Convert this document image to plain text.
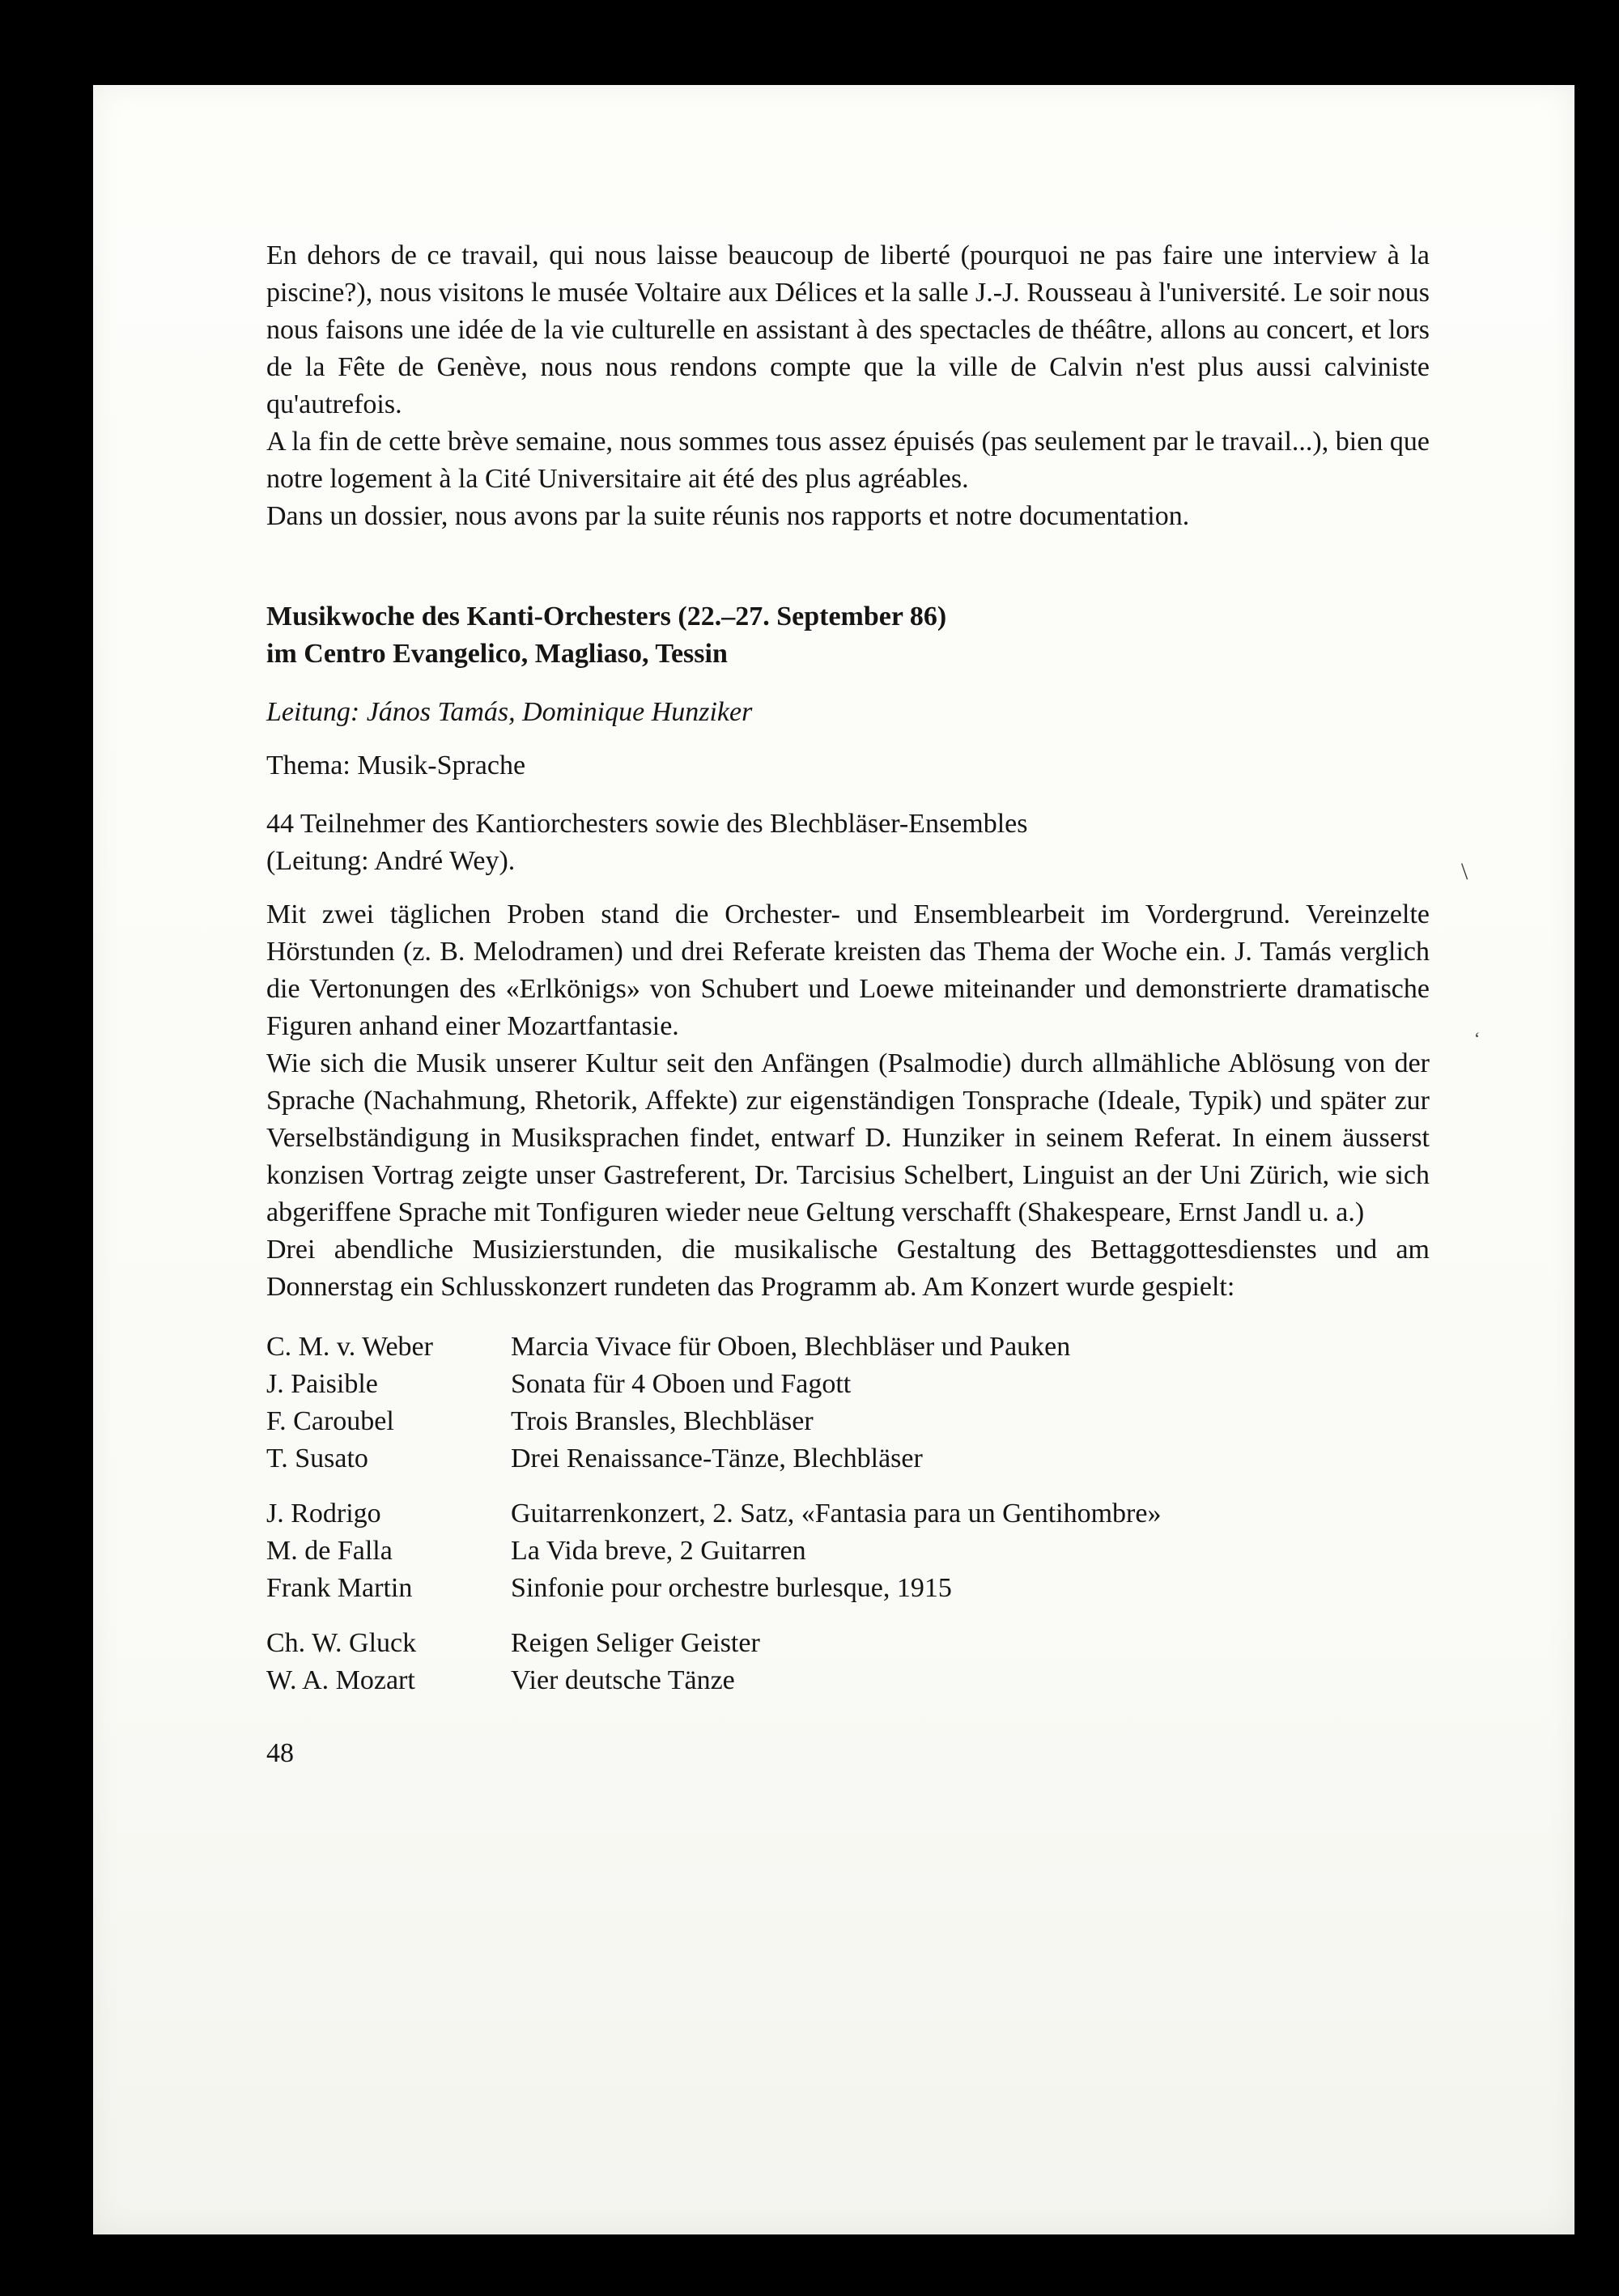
\
ʻ

En dehors de ce travail, qui nous laisse beaucoup de liberté (pourquoi ne pas faire une interview à la piscine?), nous visitons le musée Voltaire aux Délices et la salle J.-J. Rousseau à l'université. Le soir nous nous faisons une idée de la vie culturelle en assistant à des spectacles de théâtre, allons au concert, et lors de la Fête de Genève, nous nous rendons compte que la ville de Calvin n'est plus aussi calviniste qu'autrefois.

A la fin de cette brève semaine, nous sommes tous assez épuisés (pas seulement par le travail...), bien que notre logement à la Cité Universitaire ait été des plus agréables.

Dans un dossier, nous avons par la suite réunis nos rapports et notre documentation.

Musikwoche des Kanti-Orchesters (22.–27. September 86)
im Centro Evangelico, Magliaso, Tessin
Leitung: János Tamás, Dominique Hunziker
Thema: Musik-Sprache
44 Teilnehmer des Kantiorchesters sowie des Blechbläser-Ensembles
(Leitung: André Wey).

Mit zwei täglichen Proben stand die Orchester- und Ensemblearbeit im Vordergrund. Vereinzelte Hörstunden (z. B. Melodramen) und drei Referate kreisten das Thema der Woche ein. J. Tamás verglich die Vertonungen des «Erlkönigs» von Schubert und Loewe miteinander und demonstrierte dramatische Figuren anhand einer Mozartfantasie.

Wie sich die Musik unserer Kultur seit den Anfängen (Psalmodie) durch allmähliche Ablösung von der Sprache (Nachahmung, Rhetorik, Affekte) zur eigenständigen Tonsprache (Ideale, Typik) und später zur Verselbständigung in Musiksprachen findet, entwarf D. Hunziker in seinem Referat. In einem äusserst konzisen Vortrag zeigte unser Gastreferent, Dr. Tarcisius Schelbert, Linguist an der Uni Zürich, wie sich abgeriffene Sprache mit Tonfiguren wieder neue Geltung verschafft (Shakespeare, Ernst Jandl u. a.)

Drei abendliche Musizierstunden, die musikalische Gestaltung des Bettaggottesdienstes und am Donnerstag ein Schlusskonzert rundeten das Programm ab. Am Konzert wurde gespielt:

C. M. v. Weber	Marcia Vivace für Oboen, Blechbläser und Pauken
J. Paisible	Sonata für 4 Oboen und Fagott
F. Caroubel	Trois Bransles, Blechbläser
T. Susato	Drei Renaissance-Tänze, Blechbläser
J. Rodrigo	Guitarrenkonzert, 2. Satz, «Fantasia para un Gentihombre»
M. de Falla	La Vida breve, 2 Guitarren
Frank Martin	Sinfonie pour orchestre burlesque, 1915
Ch. W. Gluck	Reigen Seliger Geister
W. A. Mozart	Vier deutsche Tänze
48
